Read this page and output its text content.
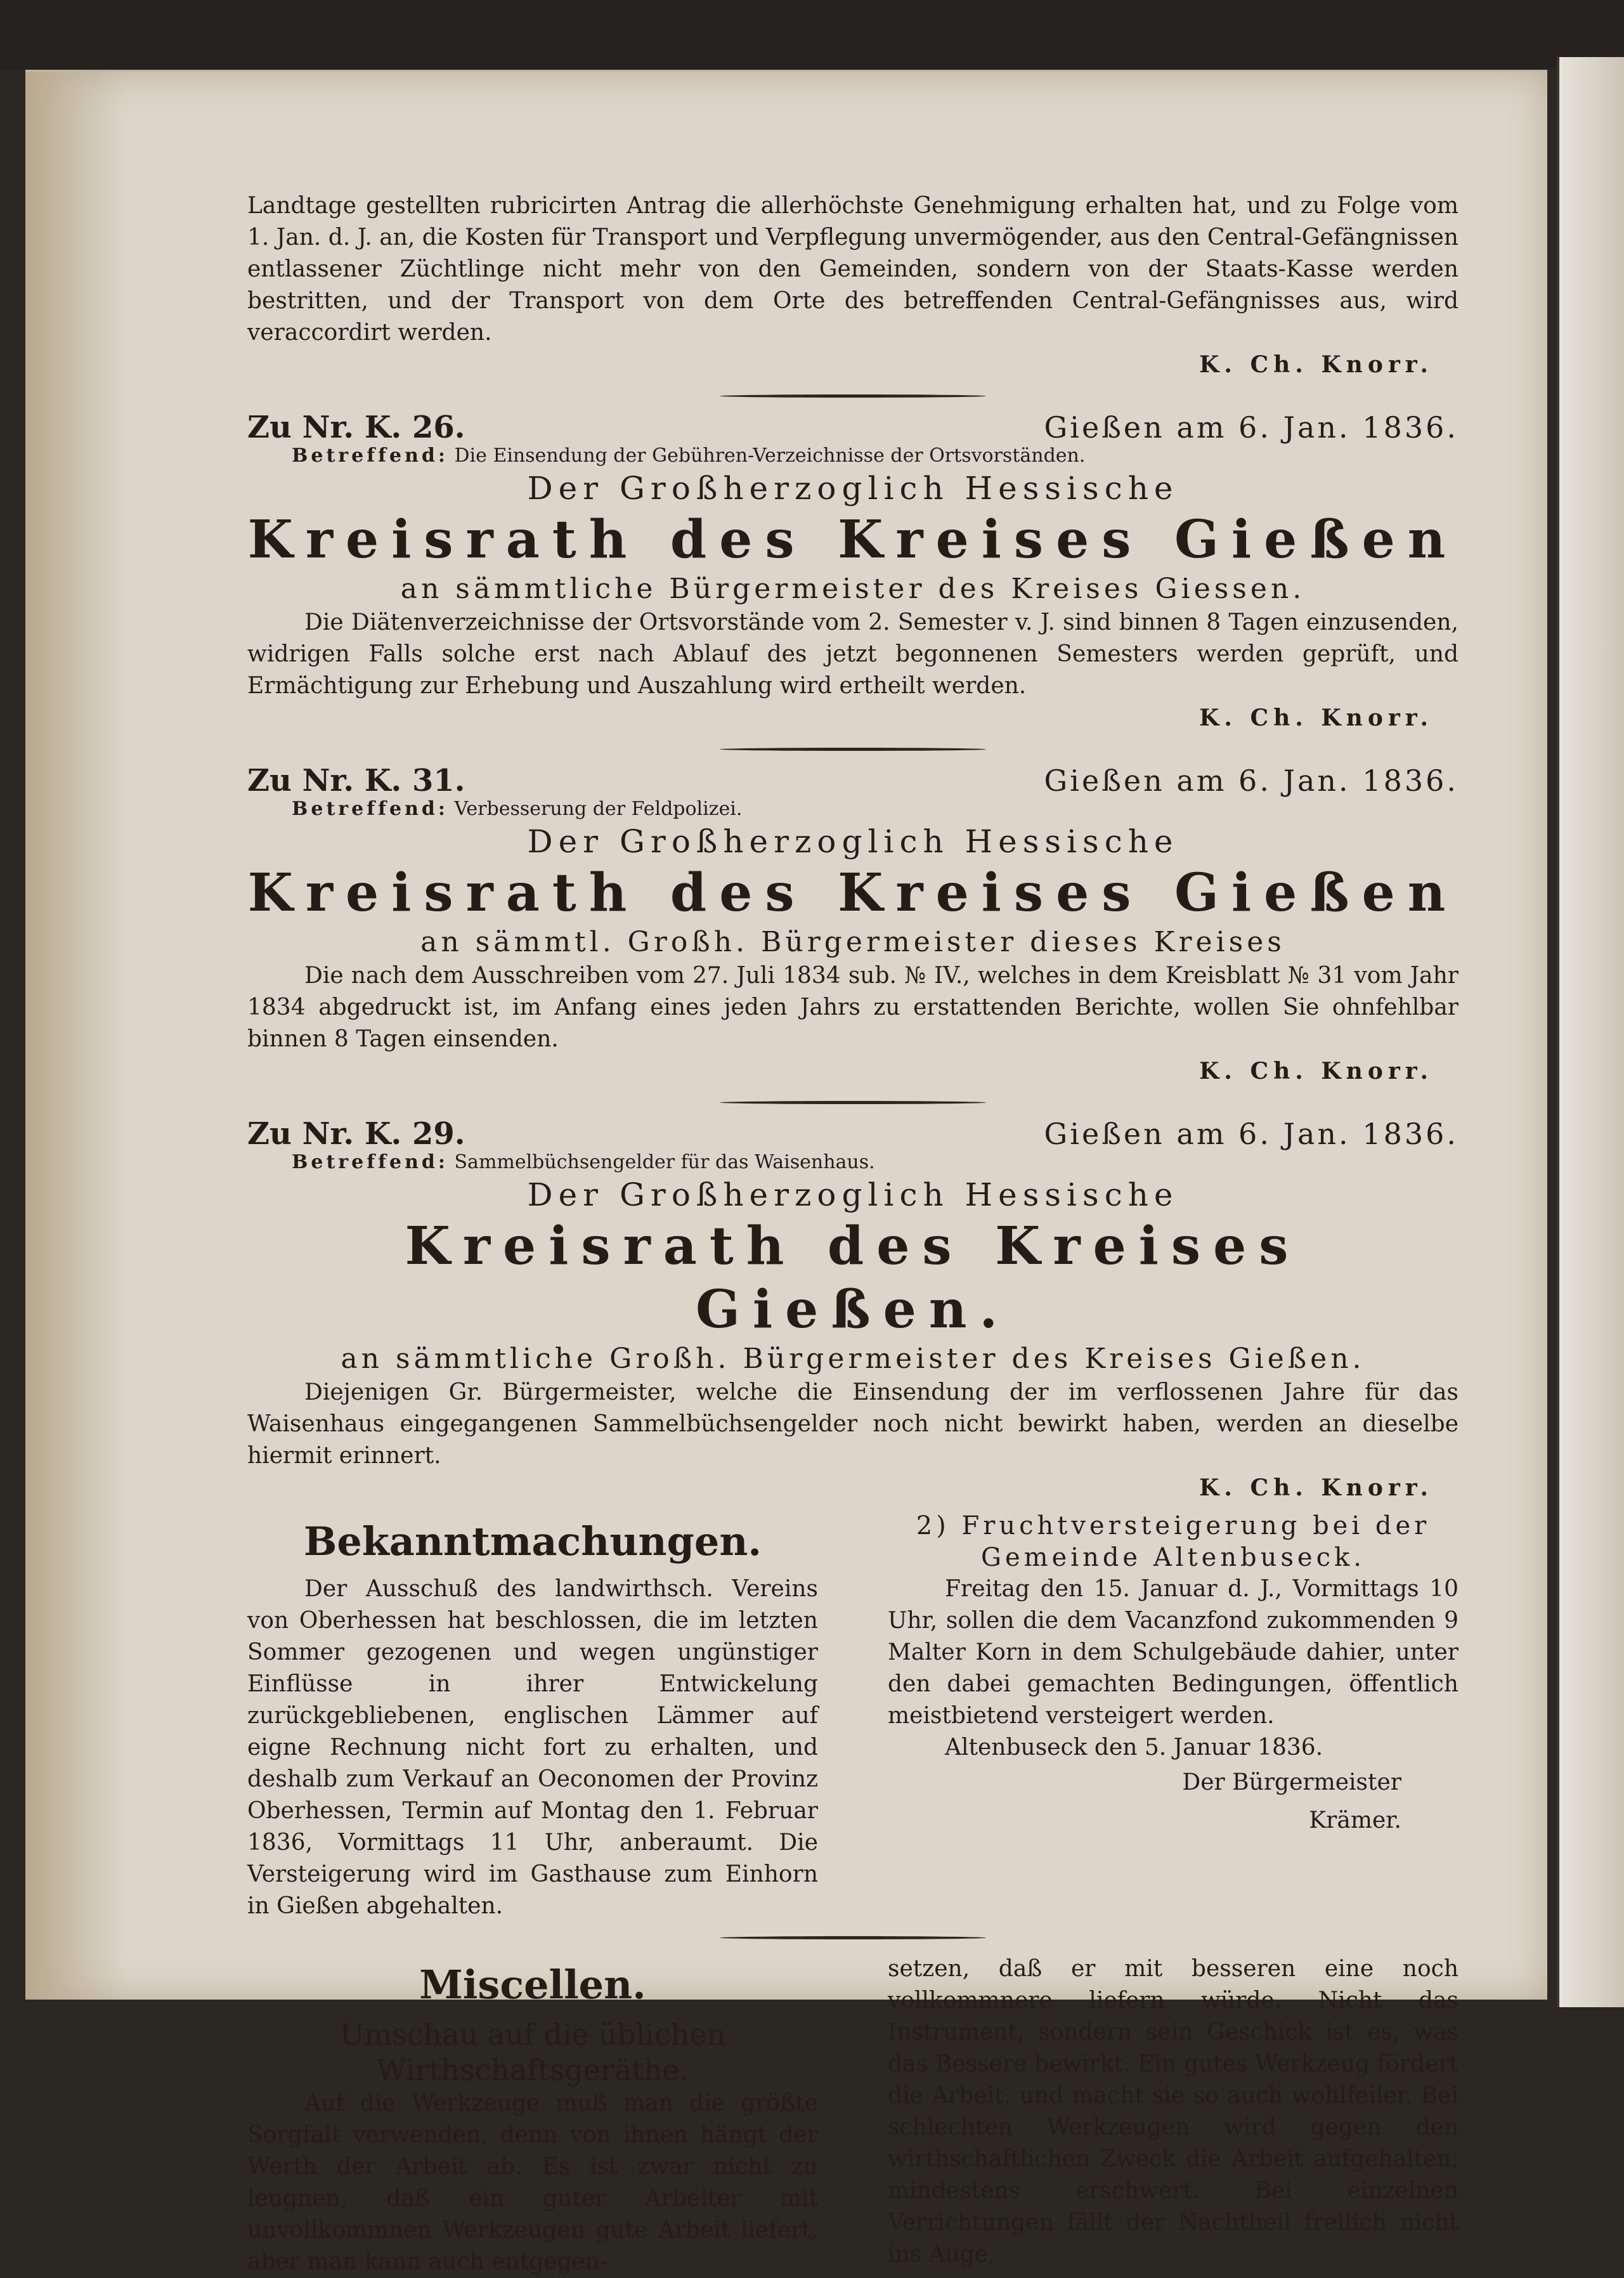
Landtage gestellten rubricirten Antrag die allerhöchste Genehmigung erhalten hat, und zu Folge vom 1. Jan. d. J. an, die Kosten für Transport und Verpflegung unvermögender, aus den Central-Gefängnissen entlassener Züchtlinge nicht mehr von den Gemeinden, sondern von der Staats-Kasse werden bestritten, und der Transport von dem Orte des betreffenden Central-Gefängnisses aus, wird veraccordirt werden.

K. Ch. Knorr.
Zu Nr. K. 26.	Gießen am 6. Jan. 1836.
Betreffend: Die Einsendung der Gebühren-Verzeichnisse der Ortsvorständen.
Der Großherzoglich Hessische
Kreisrath des Kreises Gießen
an sämmtliche Bürgermeister des Kreises Giessen.

Die Diätenverzeichnisse der Ortsvorstände vom 2. Semester v. J. sind binnen 8 Tagen einzusenden, widrigen Falls solche erst nach Ablauf des jetzt begonnenen Semesters werden geprüft, und Ermächtigung zur Erhebung und Auszahlung wird ertheilt werden.

K. Ch. Knorr.
Zu Nr. K. 31.	Gießen am 6. Jan. 1836.
Betreffend: Verbesserung der Feldpolizei.
Der Großherzoglich Hessische
Kreisrath des Kreises Gießen
an sämmtl. Großh. Bürgermeister dieses Kreises

Die nach dem Ausschreiben vom 27. Juli 1834 sub. № IV., welches in dem Kreisblatt № 31 vom Jahr 1834 abgedruckt ist, im Anfang eines jeden Jahrs zu erstattenden Berichte, wollen Sie ohnfehlbar binnen 8 Tagen einsenden.

K. Ch. Knorr.
Zu Nr. K. 29.	Gießen am 6. Jan. 1836.
Betreffend: Sammelbüchsengelder für das Waisenhaus.
Der Großherzoglich Hessische
Kreisrath des Kreises Gießen.
an sämmtliche Großh. Bürgermeister des Kreises Gießen.

Diejenigen Gr. Bürgermeister, welche die Einsendung der im verflossenen Jahre für das Waisenhaus eingegangenen Sammelbüchsengelder noch nicht bewirkt haben, werden an dieselbe hiermit erinnert.

K. Ch. Knorr.
Bekanntmachungen.

Der Ausschuß des landwirthsch. Vereins von Oberhessen hat beschlossen, die im letzten Sommer gezogenen und wegen ungünstiger Einflüsse in ihrer Entwickelung zurückgebliebenen, englischen Lämmer auf eigne Rechnung nicht fort zu erhalten, und deshalb zum Verkauf an Oeconomen der Provinz Oberhessen, Termin auf Montag den 1. Februar 1836, Vormittags 11 Uhr, anberaumt. Die Versteigerung wird im Gasthause zum Einhorn in Gießen abgehalten.

2) Fruchtversteigerung bei der Gemeinde Altenbuseck.

Freitag den 15. Januar d. J., Vormittags 10 Uhr, sollen die dem Vacanzfond zukommenden 9 Malter Korn in dem Schulgebäude dahier, unter den dabei gemachten Bedingungen, öffentlich meistbietend versteigert werden.

Altenbuseck den 5. Januar 1836.

Der Bürgermeister
Krämer.
Miscellen.
Umschau auf die üblichen Wirthschaftsgeräthe.

Auf die Werkzeuge muß man die größte Sorgfalt verwenden, denn von ihnen hängt der Werth der Arbeit ab. Es ist zwar nicht zu leugnen, daß ein guter Arbeiter mit unvollkommnen Werkzeugen gute Arbeit liefert, aber man kann auch entgegen-

setzen, daß er mit besseren eine noch vollkommnere liefern würde. Nicht das Instrument, sondern sein Geschick ist es, was das Bessere bewirkt. Ein gutes Werkzeug fördert die Arbeit, und macht sie so auch wohlfeiler. Bei schlechten Werkzeugen wird gegen den wirthschaftlichen Zweck die Arbeit aufgehalten, mindestens erschwert. Bei einzelnen Verrichtungen fällt der Nachtheil freilich nicht ins Auge,
